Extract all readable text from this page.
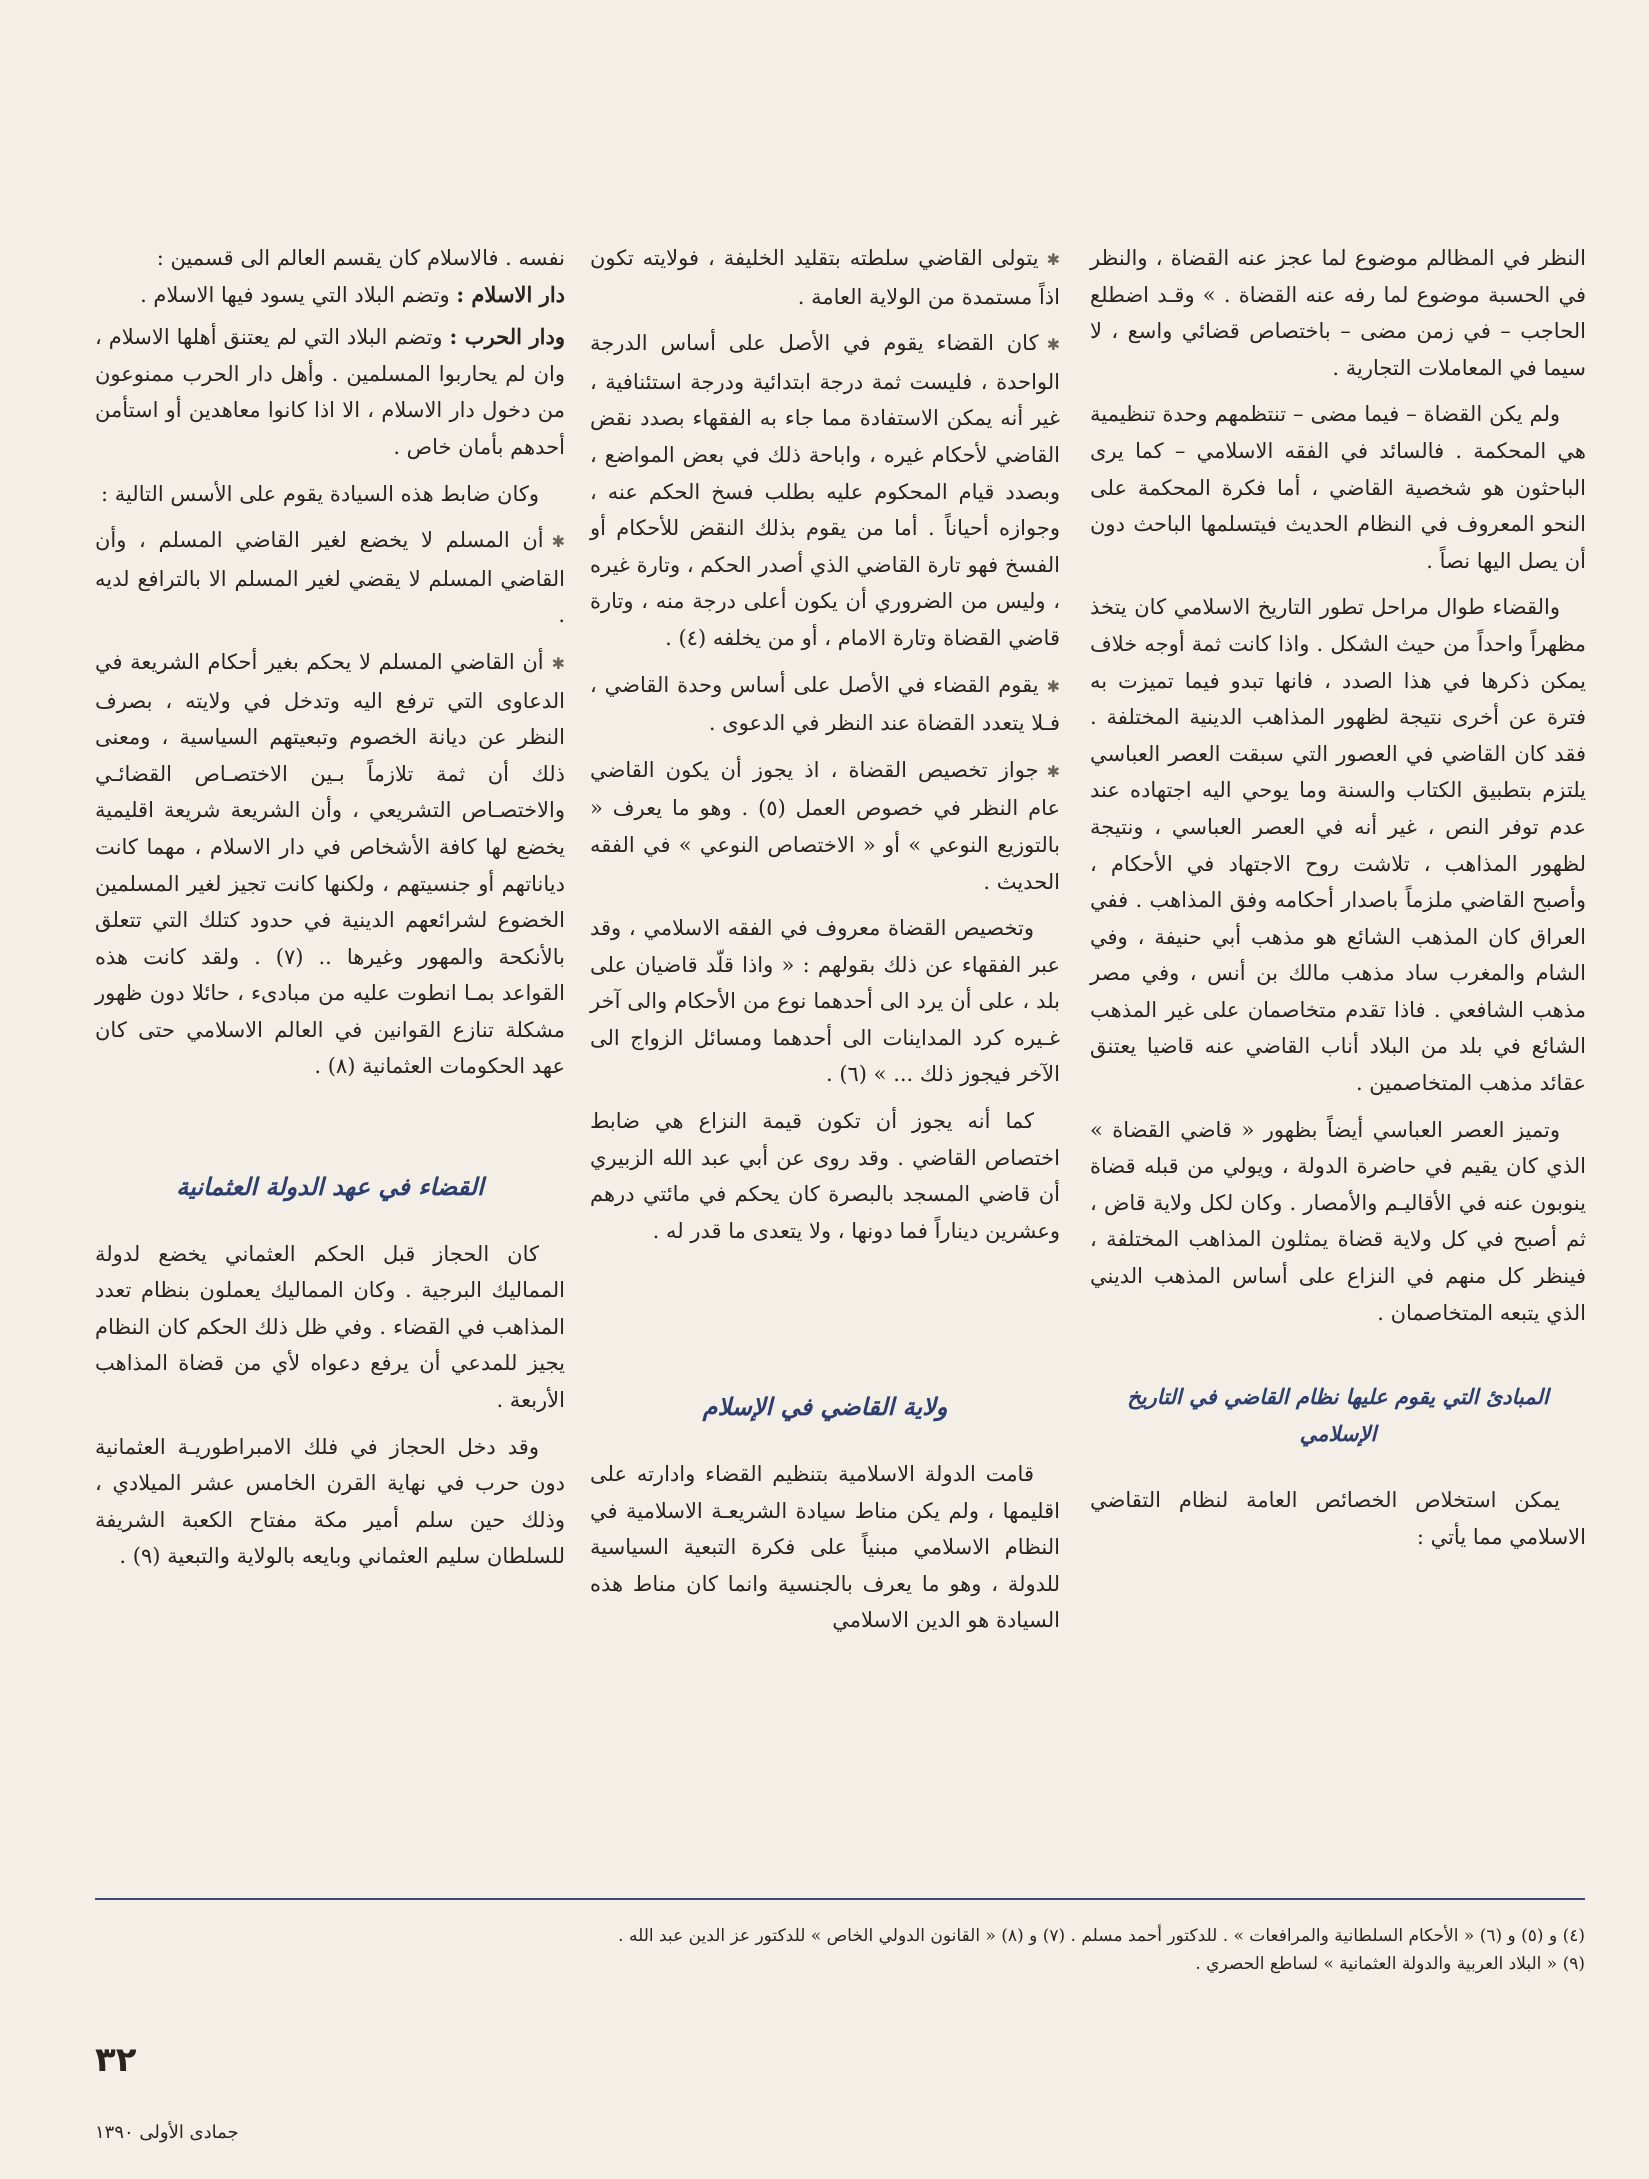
النظر في المظالم موضوع لما عجز عنه القضاة ، والنظر في الحسبة موضوع لما رفه عنه القضاة . » وقـد اضطلع الحاجب – في زمن مضى – باختصاص قضائي واسع ، لا سيما في المعاملات التجارية .

ولم يكن القضاة – فيما مضى – تنتظمهم وحدة تنظيمية هي المحكمة . فالسائد في الفقه الاسلامي – كما يرى الباحثون هو شخصية القاضي ، أما فكرة المحكمة على النحو المعروف في النظام الحديث فيتسلمها الباحث دون أن يصل اليها نصاً .

والقضاء طوال مراحل تطور التاريخ الاسلامي كان يتخذ مظهراً واحداً من حيث الشكل . واذا كانت ثمة أوجه خلاف يمكن ذكرها في هذا الصدد ، فانها تبدو فيما تميزت به فترة عن أخرى نتيجة لظهور المذاهب الدينية المختلفة . فقد كان القاضي في العصور التي سبقت العصر العباسي يلتزم بتطبيق الكتاب والسنة وما يوحي اليه اجتهاده عند عدم توفر النص ، غير أنه في العصر العباسي ، ونتيجة لظهور المذاهب ، تلاشت روح الاجتهاد في الأحكام ، وأصبح القاضي ملزماً باصدار أحكامه وفق المذاهب . ففي العراق كان المذهب الشائع هو مذهب أبي حنيفة ، وفي الشام والمغرب ساد مذهب مالك بن أنس ، وفي مصر مذهب الشافعي . فاذا تقدم متخاصمان على غير المذهب الشائع في بلد من البلاد أناب القاضي عنه قاضيا يعتنق عقائد مذهب المتخاصمين .

وتميز العصر العباسي أيضاً بظهور « قاضي القضاة » الذي كان يقيم في حاضرة الدولة ، ويولي من قبله قضاة ينوبون عنه في الأقاليـم والأمصار . وكان لكل ولاية قاض ، ثم أصبح في كل ولاية قضاة يمثلون المذاهب المختلفة ، فينظر كل منهم في النزاع على أساس المذهب الديني الذي يتبعه المتخاصمان .

المبادئ التي يقوم عليها نظام القاضي في التاريخ الإسلامي

يمكن استخلاص الخصائص العامة لنظام التقاضي الاسلامي مما يأتي :

✱يتولى القاضي سلطته بتقليد الخليفة ، فولايته تكون اذاً مستمدة من الولاية العامة .

✱كان القضاء يقوم في الأصل على أساس الدرجة الواحدة ، فليست ثمة درجة ابتدائية ودرجة استئنافية ، غير أنه يمكن الاستفادة مما جاء به الفقهاء بصدد نقض القاضي لأحكام غيره ، واباحة ذلك في بعض المواضع ، وبصدد قيام المحكوم عليه بطلب فسخ الحكم عنه ، وجوازه أحياناً . أما من يقوم بذلك النقض للأحكام أو الفسخ فهو تارة القاضي الذي أصدر الحكم ، وتارة غيره ، وليس من الضروري أن يكون أعلى درجة منه ، وتارة قاضي القضاة وتارة الامام ، أو من يخلفه (٤) .

✱يقوم القضاء في الأصل على أساس وحدة القاضي ، فـلا يتعدد القضاة عند النظر في الدعوى .

✱جواز تخصيص القضاة ، اذ يجوز أن يكون القاضي عام النظر في خصوص العمل (٥) . وهو ما يعرف « بالتوزيع النوعي » أو « الاختصاص النوعي » في الفقه الحديث .

وتخصيص القضاة معروف في الفقه الاسلامي ، وقد عبر الفقهاء عن ذلك بقولهم : « واذا قلّد قاضيان على بلد ، على أن يرد الى أحدهما نوع من الأحكام والى آخر غـيره كرد المداينات الى أحدهما ومسائل الزواج الى الآخر فيجوز ذلك ... » (٦) .

كما أنه يجوز أن تكون قيمة النزاع هي ضابط اختصاص القاضي . وقد روى عن أبي عبد الله الزبيري أن قاضي المسجد بالبصرة كان يحكم في مائتي درهم وعشرين ديناراً فما دونها ، ولا يتعدى ما قدر له .

ولاية القاضي في الإسلام

قامت الدولة الاسلامية بتنظيم القضاء وادارته على اقليمها ، ولم يكن مناط سيادة الشريعـة الاسلامية في النظام الاسلامي مبنياً على فكرة التبعية السياسية للدولة ، وهو ما يعرف بالجنسية وانما كان مناط هذه السيادة هو الدين الاسلامي

نفسه . فالاسلام كان يقسم العالم الى قسمين :

دار الاسلام : وتضم البلاد التي يسود فيها الاسلام .

ودار الحرب : وتضم البلاد التي لم يعتنق أهلها الاسلام ، وان لم يحاربوا المسلمين . وأهل دار الحرب ممنوعون من دخول دار الاسلام ، الا اذا كانوا معاهدين أو استأمن أحدهم بأمان خاص .

وكان ضابط هذه السيادة يقوم على الأسس التالية :

✱أن المسلم لا يخضع لغير القاضي المسلم ، وأن القاضي المسلم لا يقضي لغير المسلم الا بالترافع لديه .

✱أن القاضي المسلم لا يحكم بغير أحكام الشريعة في الدعاوى التي ترفع اليه وتدخل في ولايته ، بصرف النظر عن ديانة الخصوم وتبعيتهم السياسية ، ومعنى ذلك أن ثمة تلازماً بـين الاختصـاص القضائـي والاختصـاص التشريعي ، وأن الشريعة شريعة اقليمية يخضع لها كافة الأشخاص في دار الاسلام ، مهما كانت دياناتهم أو جنسيتهم ، ولكنها كانت تجيز لغير المسلمين الخضوع لشرائعهم الدينية في حدود كتلك التي تتعلق بالأنكحة والمهور وغيرها .. (٧) . ولقد كانت هذه القواعد بمـا انطوت عليه من مبادىء ، حائلا دون ظهور مشكلة تنازع القوانين في العالم الاسلامي حتى كان عهد الحكومات العثمانية (٨) .

القضاء في عهد الدولة العثمانية

كان الحجاز قبل الحكم العثماني يخضع لدولة المماليك البرجية . وكان المماليك يعملون بنظام تعدد المذاهب في القضاء . وفي ظل ذلك الحكم كان النظام يجيز للمدعي أن يرفع دعواه لأي من قضاة المذاهب الأربعة .

وقد دخل الحجاز في فلك الامبراطوريـة العثمانية دون حرب في نهاية القرن الخامس عشر الميلادي ، وذلك حين سلم أمير مكة مفتاح الكعبة الشريفة للسلطان سليم العثماني وبايعه بالولاية والتبعية (٩) .

(٤) و (٥) و (٦) « الأحكام السلطانية والمرافعات » . للدكتور أحمد مسلم . (٧) و (٨) « القانون الدولي الخاص » للدكتور عز الدين عبد الله .
(٩) « البلاد العربية والدولة العثمانية » لساطع الحصري .
٣٢
جمادى الأولى ١٣٩٠
